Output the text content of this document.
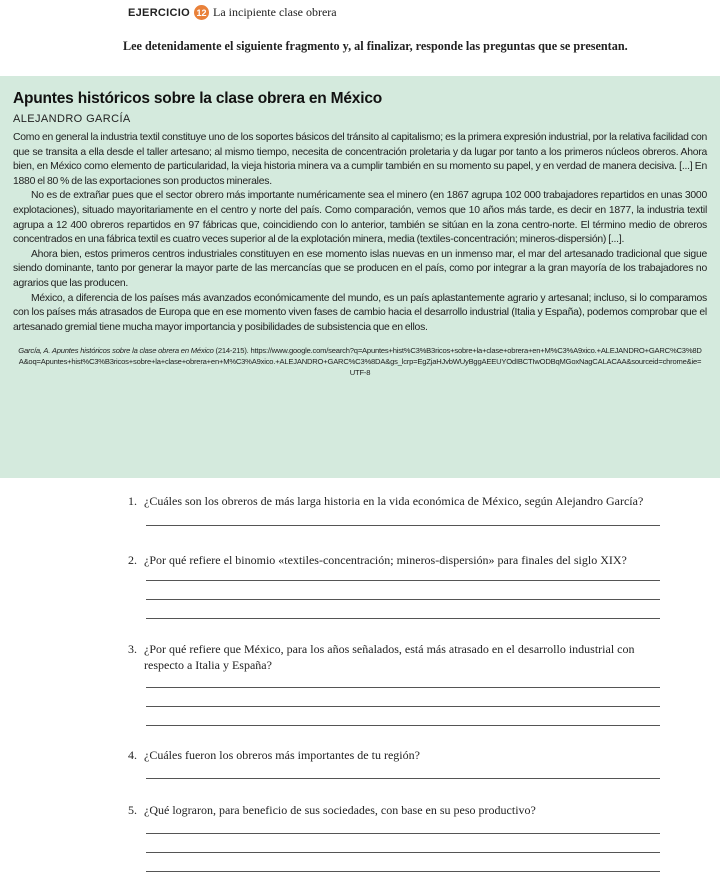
EJERCICIO 12 La incipiente clase obrera
Lee detenidamente el siguiente fragmento y, al finalizar, responde las preguntas que se presentan.
Apuntes históricos sobre la clase obrera en México
ALEJANDRO GARCÍA

Como en general la industria textil constituye uno de los soportes básicos del tránsito al capitalismo; es la primera expresión industrial, por la relativa facilidad con que se transita a ella desde el taller artesano; al mismo tiempo, necesita de concentración proletaria y da lugar por tanto a los primeros núcleos obreros. Ahora bien, en México como elemento de particularidad, la vieja historia minera va a cumplir también en su momento su papel, y en verdad de manera decisiva. [...] En 1880 el 80 % de las exportaciones son productos minerales.

No es de extrañar pues que el sector obrero más importante numéricamente sea el minero (en 1867 agrupa 102 000 trabajadores repartidos en unas 3000 explotaciones), situado mayoritariamente en el centro y norte del país. Como comparación, vemos que 10 años más tarde, es decir en 1877, la industria textil agrupa a 12 400 obreros repartidos en 97 fábricas que, coincidiendo con lo anterior, también se sitúan en la zona centro-norte. El término medio de obreros concentrados en una fábrica textil es cuatro veces superior al de la explotación minera, media (textiles-concentración; mineros-dispersión) [...].

Ahora bien, estos primeros centros industriales constituyen en ese momento islas nuevas en un inmenso mar, el mar del artesanado tradicional que sigue siendo dominante, tanto por generar la mayor parte de las mercancías que se producen en el país, como por integrar a la gran mayoría de los trabajadores no agrarios que las producen.

México, a diferencia de los países más avanzados económicamente del mundo, es un país aplastantemente agrario y artesanal; incluso, si lo comparamos con los países más atrasados de Europa que en ese momento viven fases de cambio hacia el desarrollo industrial (Italia y España), podemos comprobar que el artesanado gremial tiene mucha mayor importancia y posibilidades de subsistencia que en ellos.

García, A. Apuntes históricos sobre la clase obrera en México (214-215). https://www.google.com/search?q=Apuntes+hist%C3%B3ricos+sobre+la+clase+obrera+en+M%C3%A9xico.+ALEJANDRO+GARC%C3%8DA&oq=Apuntes+hist%C3%B3ricos+sobre+la+clase+obrera+en+M%C3%A9xico.+ALEJANDRO+GARC%C3%8DA&gs_lcrp=EgZjaHJvbWUyBggAEEUYOdIBCTIwODBqMGoxNagCALACAA&sourceid=chrome&ie=UTF-8
1. ¿Cuáles son los obreros de más larga historia en la vida económica de México, según Alejandro García?
2. ¿Por qué refiere el binomio «textiles-concentración; mineros-dispersión» para finales del siglo XIX?
3. ¿Por qué refiere que México, para los años señalados, está más atrasado en el desarrollo industrial con respecto a Italia y España?
4. ¿Cuáles fueron los obreros más importantes de tu región?
5. ¿Qué lograron, para beneficio de sus sociedades, con base en su peso productivo?
